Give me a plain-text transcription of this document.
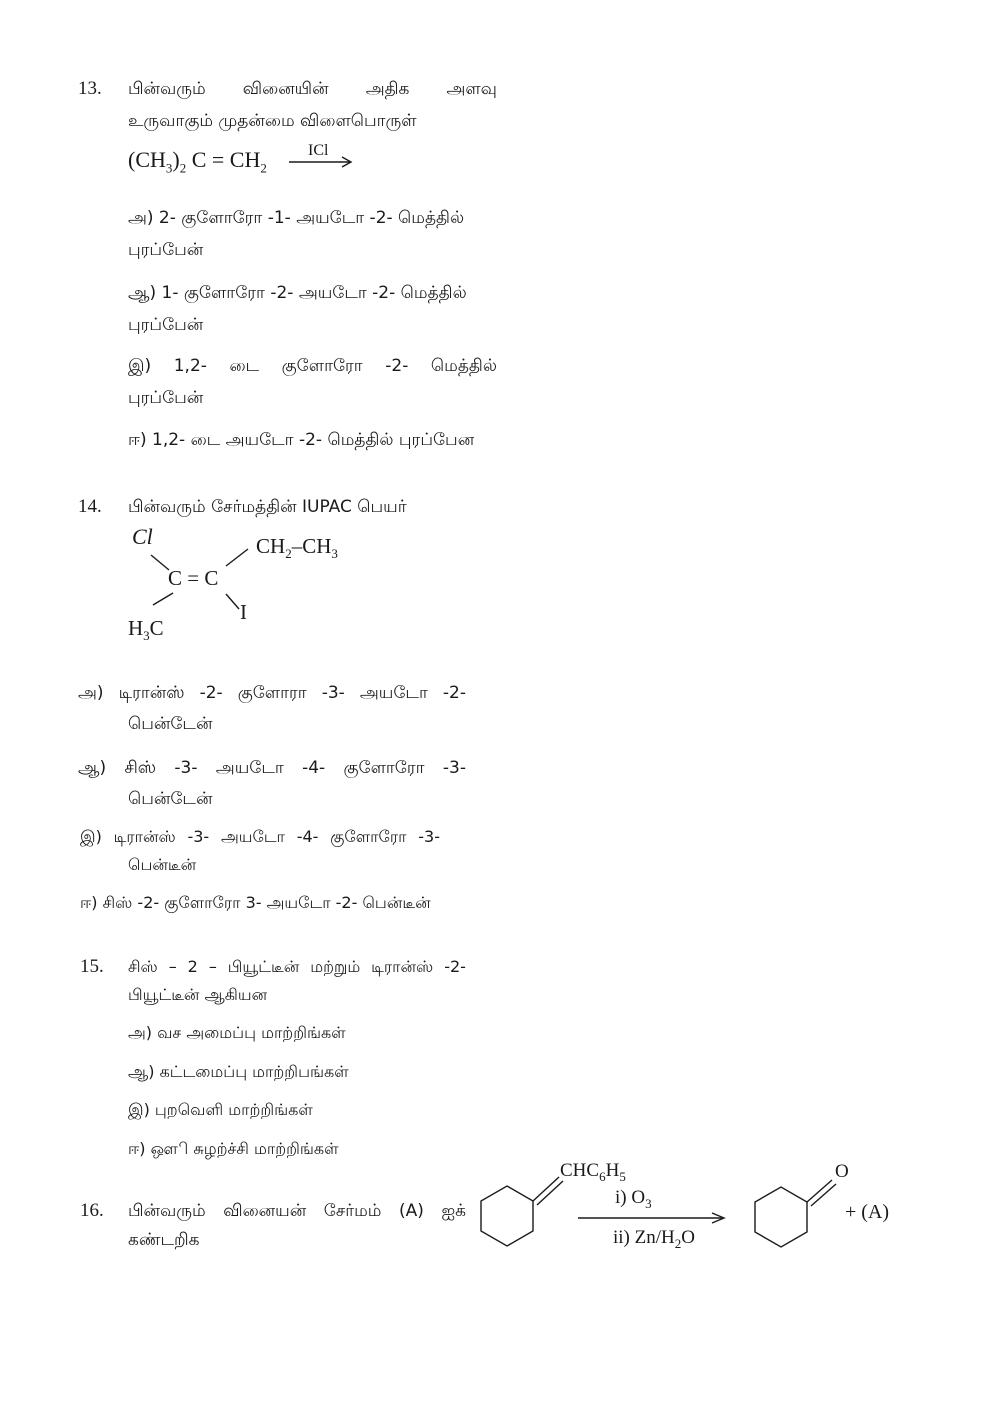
13. பின்வரும் வினையின் அதிக அளவு
உருவாகும் முதன்மை விளைபொருள்
$(CH_3)_2$ $C = CH_2$
ICl
அ) 2- குளோரோ -1- அயடோ -2- மெத்தில்
புரப்பேன்
ஆ) 1- குளோரோ -2- அயடோ -2- மெத்தில்
புரப்பேன்
இ) 1,2- டை குளோரோ -2- மெத்தில்
புரப்பேன்
ஈ) 1,2- டை அயடோ -2- மெத்தில் புரப்பேன
14. பின்வரும் சேர்மத்தின் IUPAC பெயர்
Cl
C = C
$CH_2-CH_3$
I
$H_3C$
அ) டிரான்ஸ் -2- குளோரா -3- அயடோ -2-
பென்டேன்
ஆ) சிஸ் -3- அயடோ -4- குளோரோ -3-
பென்டேன்
இ) டிரான்ஸ் -3- அயடோ -4- குளோரோ -3-
பென்டீன்
ஈ) சிஸ் -2- குளோரோ 3- அயடோ -2- பென்டீன்
15. சிஸ் – 2 – பியூட்டீன் மற்றும் டிரான்ஸ் -2-
பியூட்டீன் ஆகியன
அ) வச அமைப்பு மாற்றிங்கள்
ஆ) கட்டமைப்பு மாற்றிபங்கள்
இ) புறவெளி மாற்றிங்கள்
ஈ) ஔி சுழற்ச்சி மாற்றிங்கள்
16. பின்வரும் வினையன் சேர்மம் (A) ஐக்
கண்டறிக
$CHC_6H_5$
i) $O_3$
ii) $Zn/H_2O$
O
+ (A)
